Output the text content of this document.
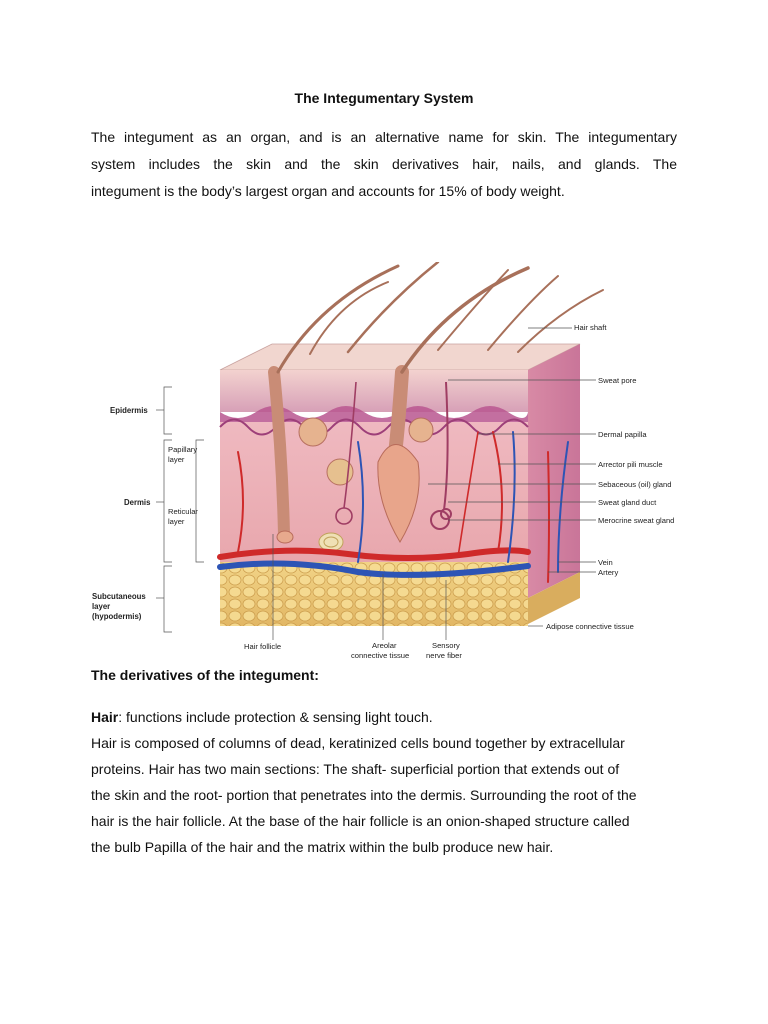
The Integumentary System
The integument as an organ, and is an alternative name for skin. The integumentary
system includes the skin and the skin derivatives hair, nails, and glands. The
integument is the body’s largest organ and accounts for 15% of body weight.
Hair shaft
Sweat pore
Dermal papilla
Arrector pili muscle
Sebaceous (oil) gland
Sweat gland duct
Merocrine sweat gland
Vein
Artery
Adipose connective tissue
Epidermis
Papillary
layer
Dermis
Reticular
layer
Subcutaneous
layer
(hypodermis)
Hair follicle	Areolar
connective tissue
Sensory
nerve fiber
The derivatives of the integument:
Hair: functions include protection & sensing light touch.
Hair is composed of columns of dead, keratinized cells bound together by extracellular
proteins. Hair has two main sections: The shaft- superficial portion that extends out of
the skin and the root- portion that penetrates into the dermis. Surrounding the root of the
hair is the hair follicle. At the base of the hair follicle is an onion-shaped structure called
the bulb Papilla of the hair and the matrix within the bulb produce new hair.
